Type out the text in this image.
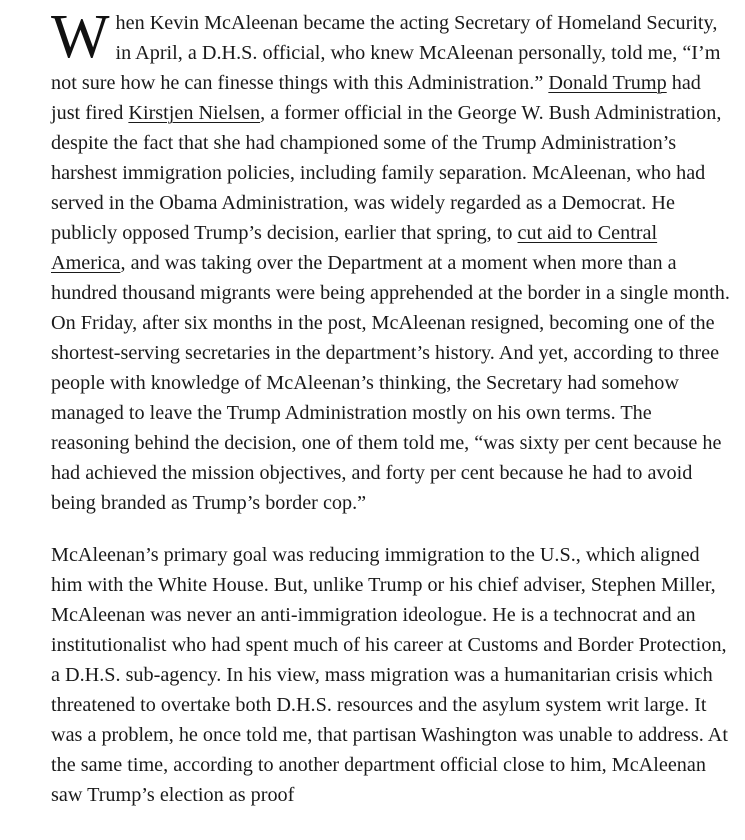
When Kevin McAleenan became the acting Secretary of Homeland Security, in April, a D.H.S. official, who knew McAleenan personally, told me, “I’m not sure how he can finesse things with this Administration.” Donald Trump had just fired Kirstjen Nielsen, a former official in the George W. Bush Administration, despite the fact that she had championed some of the Trump Administration’s harshest immigration policies, including family separation. McAleenan, who had served in the Obama Administration, was widely regarded as a Democrat. He publicly opposed Trump’s decision, earlier that spring, to cut aid to Central America, and was taking over the Department at a moment when more than a hundred thousand migrants were being apprehended at the border in a single month. On Friday, after six months in the post, McAleenan resigned, becoming one of the shortest-serving secretaries in the department’s history. And yet, according to three people with knowledge of McAleenan’s thinking, the Secretary had somehow managed to leave the Trump Administration mostly on his own terms. The reasoning behind the decision, one of them told me, “was sixty per cent because he had achieved the mission objectives, and forty per cent because he had to avoid being branded as Trump’s border cop.”

McAleenan’s primary goal was reducing immigration to the U.S., which aligned him with the White House. But, unlike Trump or his chief adviser, Stephen Miller, McAleenan was never an anti-immigration ideologue. He is a technocrat and an institutionalist who had spent much of his career at Customs and Border Protection, a D.H.S. sub-agency. In his view, mass migration was a humanitarian crisis which threatened to overtake both D.H.S. resources and the asylum system writ large. It was a problem, he once told me, that partisan Washington was unable to address. At the same time, according to another department official close to him, McAleenan saw Trump’s election as proof
